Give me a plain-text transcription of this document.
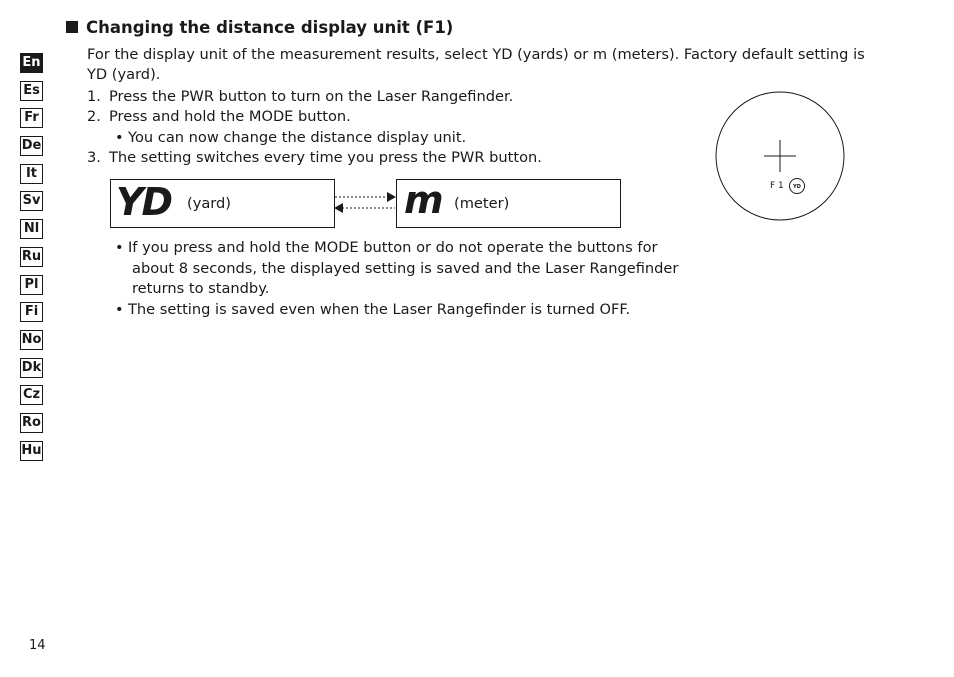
En
Es
Fr
De
It
Sv
Nl
Ru
Pl
Fi
No
Dk
Cz
Ro
Hu
Changing the distance display unit (F1)
For the display unit of the measurement results, select YD (yards) or m (meters). Factory default setting is YD (yard).
1. Press the PWR button to turn on the Laser Rangefinder.
2. Press and hold the MODE button.
• You can now change the distance display unit.
3. The setting switches every time you press the PWR button.
YD (yard)	m (meter)
• If you press and hold the MODE button or do not operate the buttons for
about 8 seconds, the displayed setting is saved and the Laser Rangefinder
returns to standby.
• The setting is saved even when the Laser Rangefinder is turned OFF.
F 1 YD
14
